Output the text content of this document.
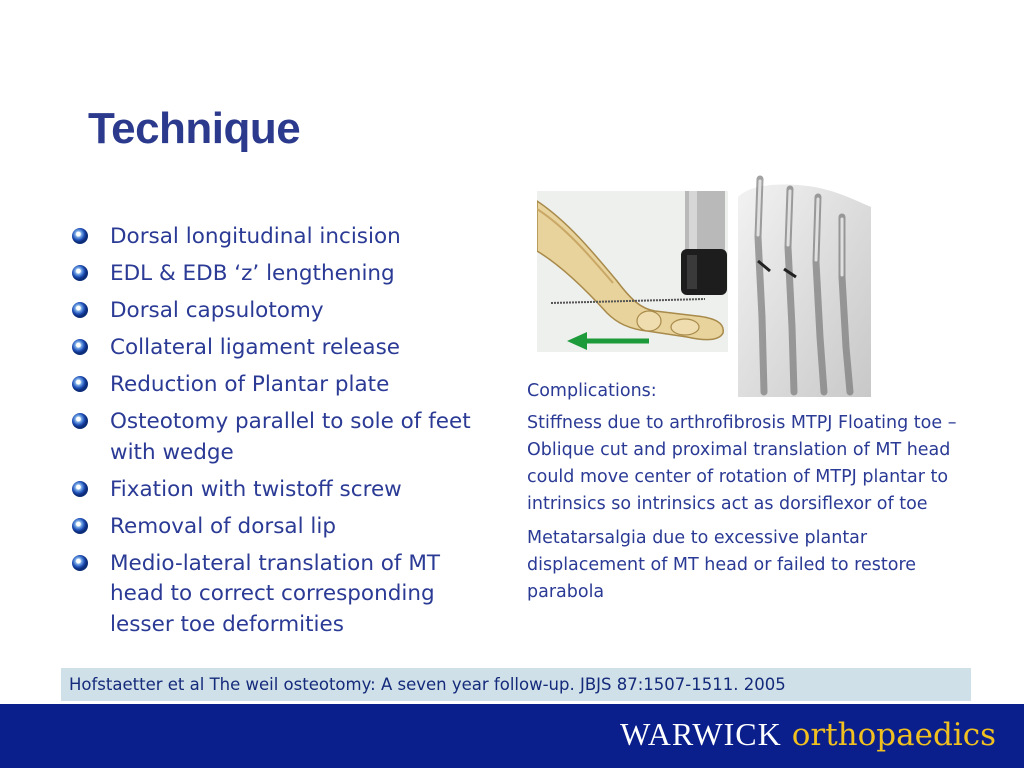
Technique
Dorsal longitudinal incision
EDL & EDB ‘z’ lengthening
Dorsal capsulotomy
Collateral ligament release
Reduction of Plantar plate
Osteotomy parallel to sole of feet with wedge
Fixation with twistoff screw
Removal of dorsal lip
Medio-lateral translation of MT head to correct corresponding lesser toe deformities

Complications:

Stiffness due to arthrofibrosis MTPJ Floating toe – Oblique cut and proximal translation of MT head could move center of rotation of MTPJ plantar to intrinsics so intrinsics act as dorsiflexor of toe

Metatarsalgia due to excessive plantar displacement of MT head or failed to restore parabola

Hofstaetter et al The weil osteotomy: A seven year follow-up. JBJS 87:1507-1511. 2005
WARWICK orthopaedics
